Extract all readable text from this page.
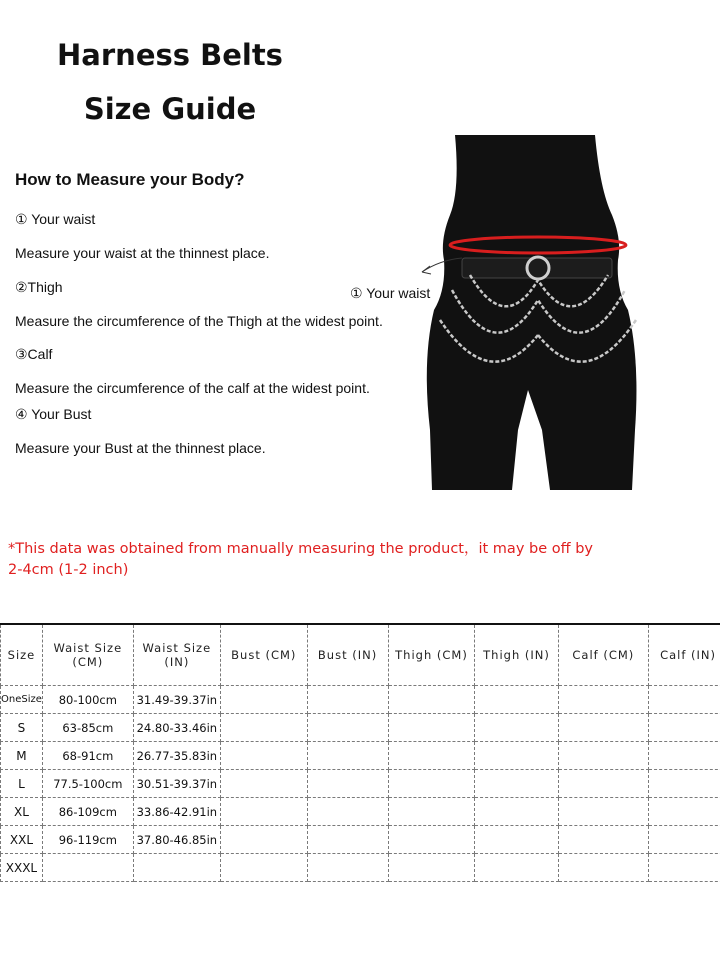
Harness Belts
Size Guide
How to Measure your Body?
① Your waist
Measure your waist at the thinnest place.
②Thigh
Measure the circumference of the Thigh at the widest point.
③Calf
Measure the circumference of the calf at the widest point.
④ Your Bust
Measure your Bust at the thinnest place.
① Your waist
*This data was obtained from manually measuring the product，it may be off by
2-4cm (1-2 inch)
Size	Waist Size (CM)	Waist Size (IN)	Bust (CM)	Bust (IN)	Thigh (CM)	Thigh (IN)	Calf (CM)	Calf (IN)
OneSize	80-100cm	31.49-39.37in						
S	63-85cm	24.80-33.46in						
M	68-91cm	26.77-35.83in						
L	77.5-100cm	30.51-39.37in						
XL	86-109cm	33.86-42.91in						
XXL	96-119cm	37.80-46.85in						
XXXL								
